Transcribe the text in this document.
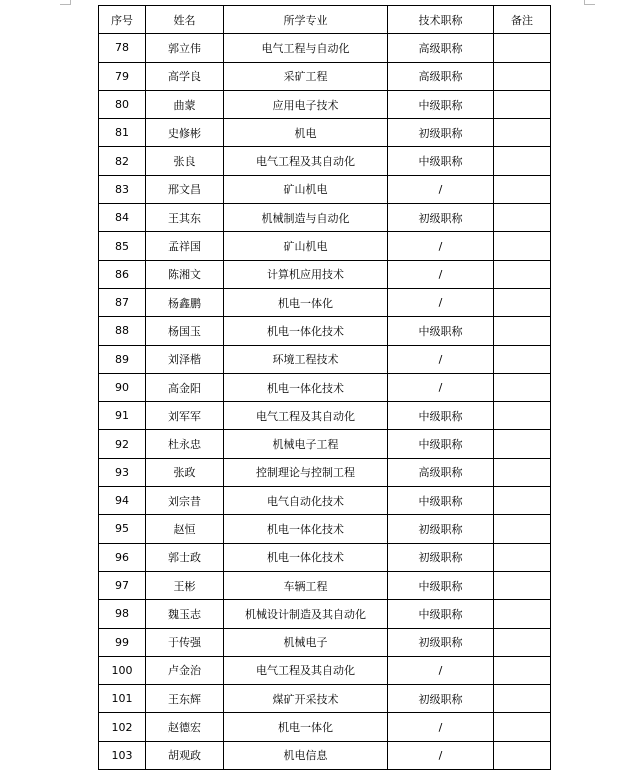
序号	姓名	所学专业	技术职称	备注
78	郭立伟	电气工程与自动化	高级职称	
79	高学良	采矿工程	高级职称	
80	曲蒙	应用电子技术	中级职称	
81	史修彬	机电	初级职称	
82	张良	电气工程及其自动化	中级职称	
83	邢文昌	矿山机电	/	
84	王其东	机械制造与自动化	初级职称	
85	孟祥国	矿山机电	/	
86	陈湘文	计算机应用技术	/	
87	杨鑫鹏	机电一体化	/	
88	杨国玉	机电一体化技术	中级职称	
89	刘泽楷	环境工程技术	/	
90	高金阳	机电一体化技术	/	
91	刘军军	电气工程及其自动化	中级职称	
92	杜永忠	机械电子工程	中级职称	
93	张政	控制理论与控制工程	高级职称	
94	刘宗昔	电气自动化技术	中级职称	
95	赵恒	机电一体化技术	初级职称	
96	郭士政	机电一体化技术	初级职称	
97	王彬	车辆工程	中级职称	
98	魏玉志	机械设计制造及其自动化	中级职称	
99	于传强	机械电子	初级职称	
100	卢金治	电气工程及其自动化	/	
101	王东辉	煤矿开采技术	初级职称	
102	赵德宏	机电一体化	/	
103	胡观政	机电信息	/	
